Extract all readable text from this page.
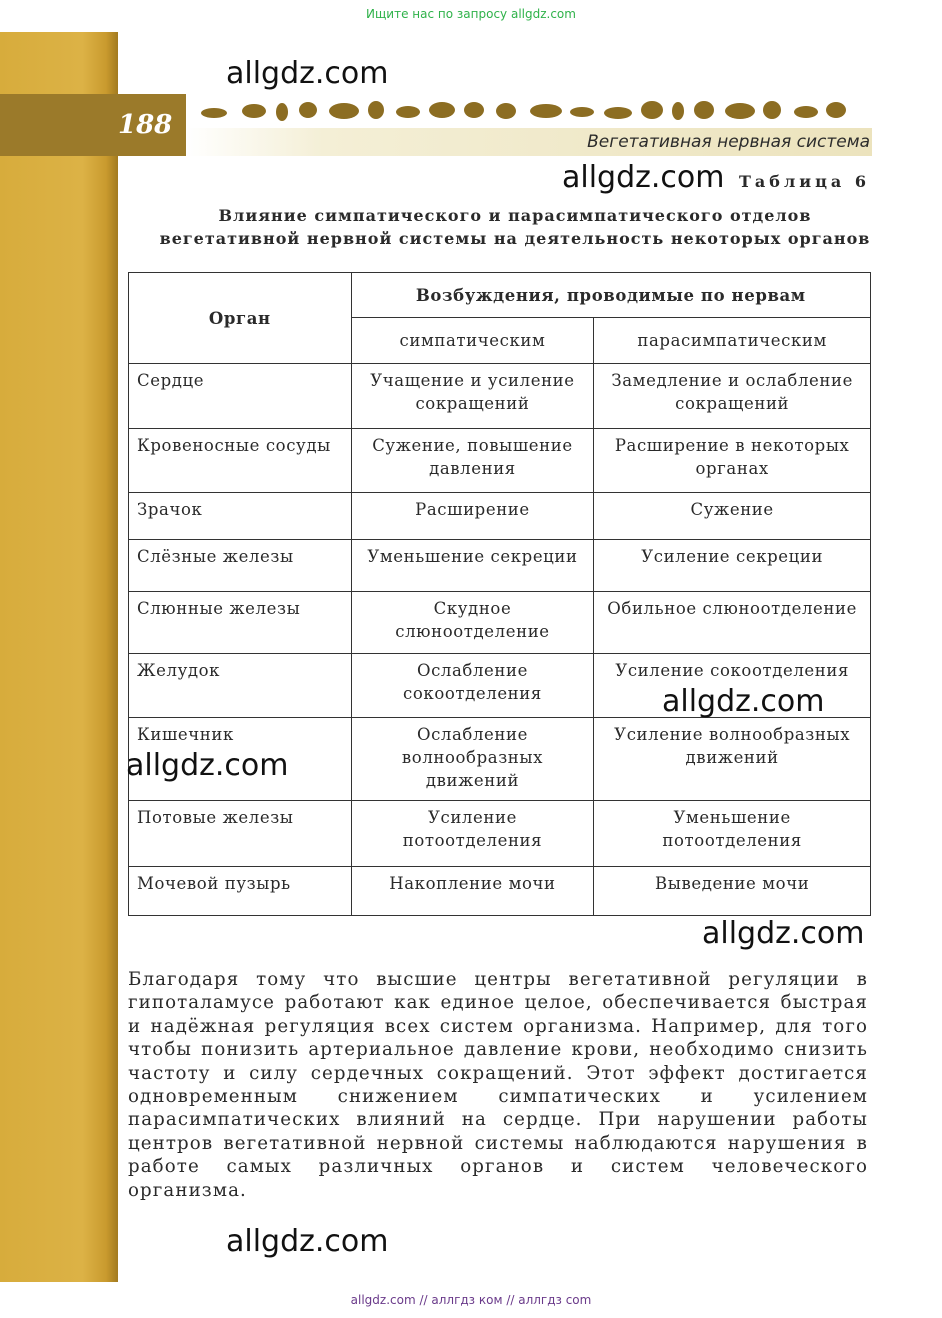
Ищите нас по запросу allgdz.com
188
Вегетативная нервная система
allgdz.com
allgdz.com
allgdz.com
allgdz.com
allgdz.com
allgdz.com
Таблица 6
Влияние симпатического и парасимпатического отделов
вегетативной нервной системы на деятельность некоторых органов
Орган	Возбуждения, проводимые по нервам	
	симпатическим	парасимпатическим
Сердце	Учащение и усиление сокращений	Замедление и ослабление сокращений
Кровеносные сосуды	Сужение, повышение давления	Расширение в некоторых органах
Зрачок	Расширение	Сужение
Слёзные железы	Уменьшение секреции	Усиление секреции
Слюнные железы	Скудное слюноотделение	Обильное слюноотделение
Желудок	Ослабление сокоотделения	Усиление сокоотделения
Кишечник	Ослабление волнообразных движений	Усиление волнообразных движений
Потовые железы	Усиление потоотделения	Уменьшение потоотделения
Мочевой пузырь	Накопление мочи	Выведение мочи
Благодаря тому что высшие центры вегетативной регуляции в гипоталамусе работают как единое целое, обеспечивается быстрая и надёжная регуляция всех систем организма. Например, для того чтобы понизить артериальное давление крови, необходимо снизить частоту и силу сердечных сокращений. Этот эффект достигается одновременным снижением симпатических и усилением парасимпатических влияний на сердце. При нарушении работы центров вегетативной нервной системы наблюдаются нарушения в работе самых различных органов и систем человеческого организма.
allgdz.com // аллгдз ком // аллгдз com
